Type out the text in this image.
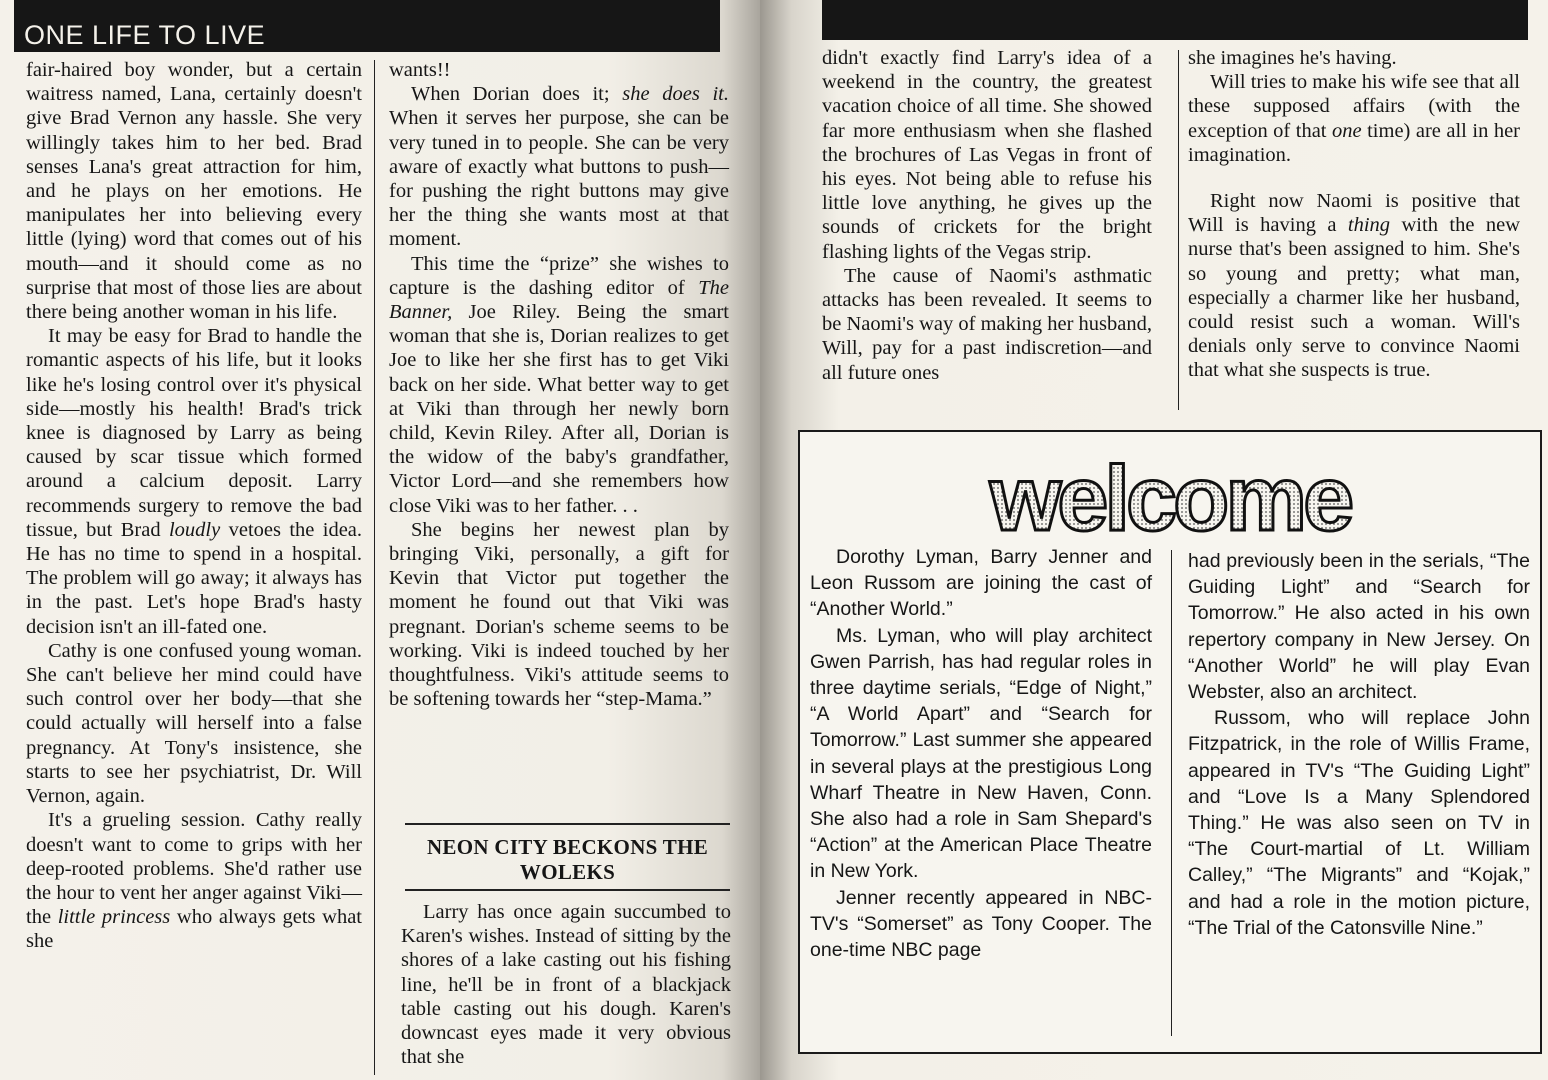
ONE LIFE TO LIVE

fair-haired boy wonder, but a certain waitress named, Lana, certainly doesn't give Brad Vernon any hassle. She very willingly takes him to her bed. Brad senses Lana's great attraction for him, and he plays on her emotions. He manipulates her into believing every little (lying) word that comes out of his mouth—and it should come as no surprise that most of those lies are about there being another woman in his life.

It may be easy for Brad to handle the romantic aspects of his life, but it looks like he's losing control over it's physical side—mostly his health! Brad's trick knee is diagnosed by Larry as being caused by scar tissue which formed around a calcium deposit. Larry recommends surgery to remove the bad tissue, but Brad loudly vetoes the idea. He has no time to spend in a hospital. The problem will go away; it always has in the past. Let's hope Brad's hasty decision isn't an ill-fated one.

Cathy is one confused young woman. She can't believe her mind could have such control over her body—that she could actually will herself into a false pregnancy. At Tony's insistence, she starts to see her psychiatrist, Dr. Will Vernon, again.

It's a grueling session. Cathy really doesn't want to come to grips with her deep-rooted problems. She'd rather use the hour to vent her anger against Viki—the little princess who always gets what she

wants!!

When Dorian does it; she does it. When it serves her purpose, she can be very tuned in to people. She can be very aware of exactly what buttons to push—for pushing the right buttons may give her the thing she wants most at that moment.

This time the “prize” she wishes to capture is the dashing editor of The Banner, Joe Riley. Being the smart woman that she is, Dorian realizes to get Joe to like her she first has to get Viki back on her side. What better way to get at Viki than through her newly born child, Kevin Riley. After all, Dorian is the widow of the baby's grandfather, Victor Lord—and she remembers how close Viki was to her father. . .

She begins her newest plan by bringing Viki, personally, a gift for Kevin that Victor put together the moment he found out that Viki was pregnant. Dorian's scheme seems to be working. Viki is indeed touched by her thoughtfulness. Viki's attitude seems to be softening towards her “step-Mama.”

NEON CITY BECKONS THE WOLEKS

Larry has once again succumbed to Karen's wishes. Instead of sitting by the shores of a lake casting out his fishing line, he'll be in front of a blackjack table casting out his dough. Karen's downcast eyes made it very obvious that she

didn't exactly find Larry's idea of a weekend in the country, the greatest vacation choice of all time. She showed far more enthusiasm when she flashed the brochures of Las Vegas in front of his eyes. Not being able to refuse his little love anything, he gives up the sounds of crickets for the bright flashing lights of the Vegas strip.

The cause of Naomi's asthmatic attacks has been revealed. It seems to be Naomi's way of making her husband, Will, pay for a past indiscretion—and all future ones

she imagines he's having.

Will tries to make his wife see that all these supposed affairs (with the exception of that one time) are all in her imagination.

Right now Naomi is positive that Will is having a thing with the new nurse that's been assigned to him. She's so young and pretty; what man, especially a charmer like her husband, could resist such a woman. Will's denials only serve to convince Naomi that what she suspects is true.

welcome

Dorothy Lyman, Barry Jenner and Leon Russom are joining the cast of “Another World.”

Ms. Lyman, who will play architect Gwen Parrish, has had regular roles in three daytime serials, “Edge of Night,” “A World Apart” and “Search for Tomorrow.” Last summer she appeared in several plays at the prestigious Long Wharf Theatre in New Haven, Conn. She also had a role in Sam Shepard's “Action” at the American Place Theatre in New York.

Jenner recently appeared in NBC-TV's “Somerset” as Tony Cooper. The one-time NBC page

had previously been in the serials, “The Guiding Light” and “Search for Tomorrow.” He also acted in his own repertory company in New Jersey. On “Another World” he will play Evan Webster, also an architect.

Russom, who will replace John Fitzpatrick, in the role of Willis Frame, appeared in TV's “The Guiding Light” and “Love Is a Many Splendored Thing.” He was also seen on TV in “The Court-martial of Lt. William Calley,” “The Migrants” and “Kojak,” and had a role in the motion picture, “The Trial of the Catonsville Nine.”
